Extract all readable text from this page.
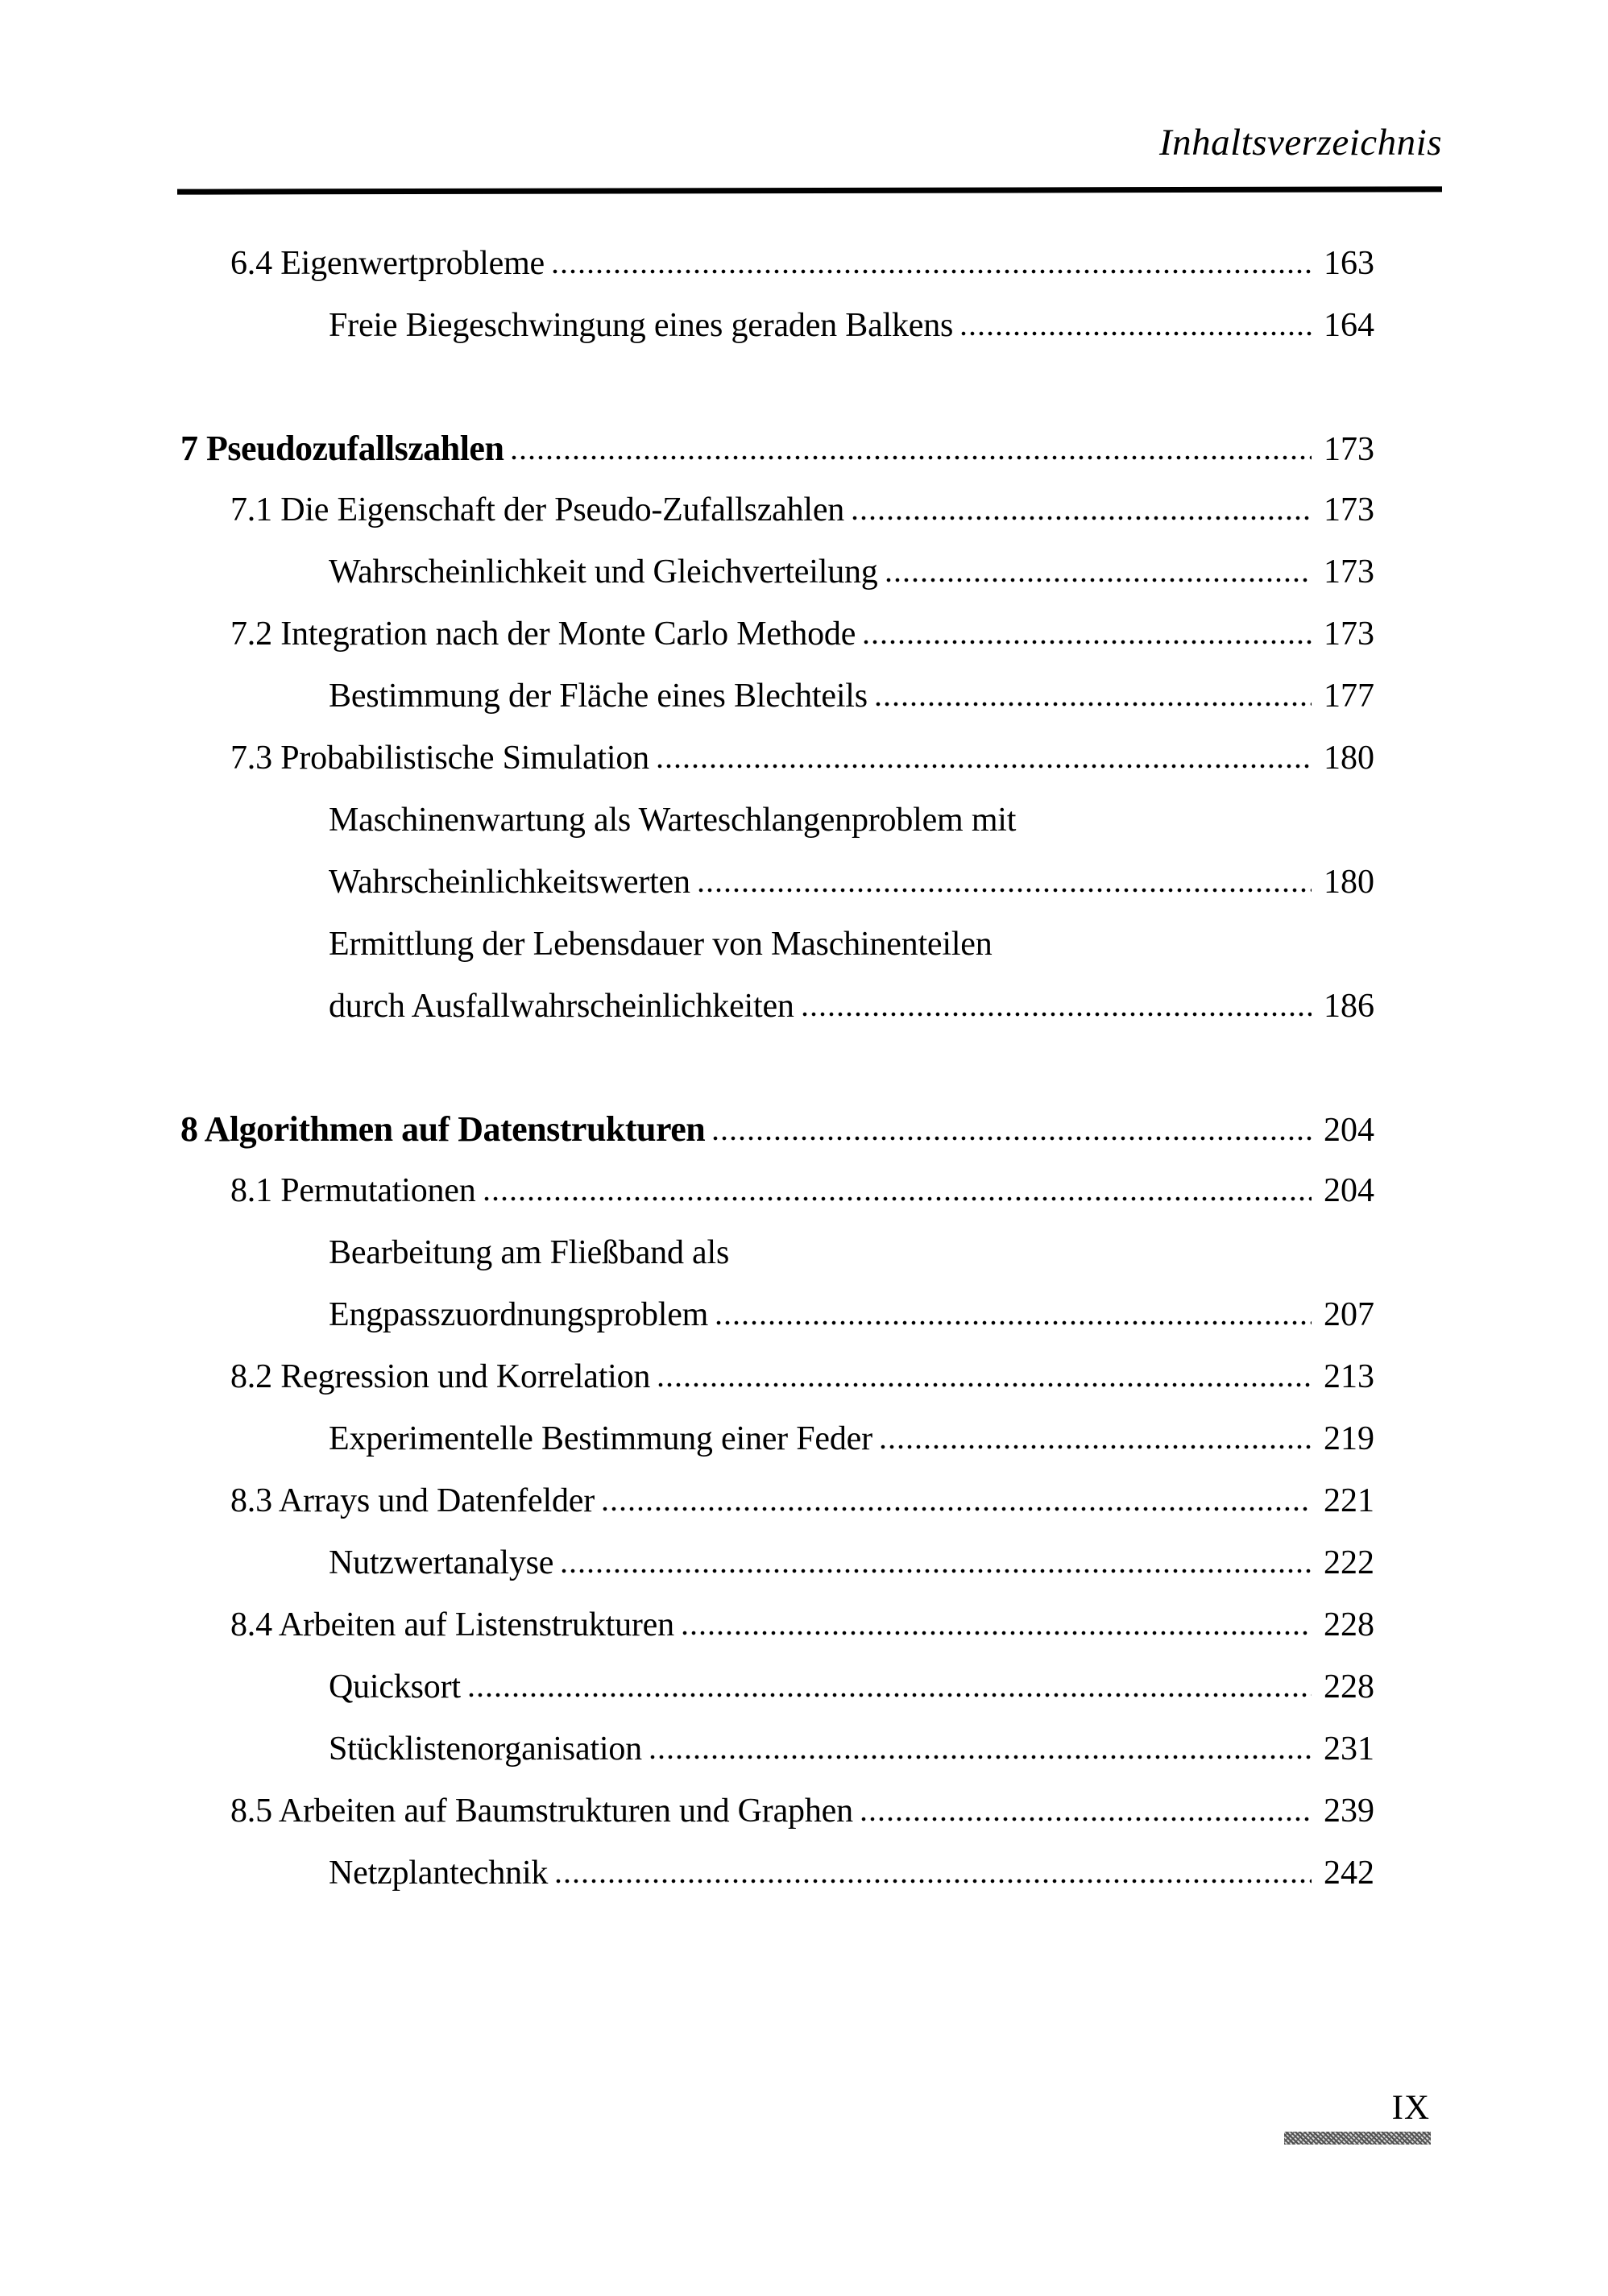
Inhaltsverzeichnis
6.4 Eigenwertprobleme	163
Freie Biegeschwingung eines geraden Balkens	164
7 Pseudozufallszahlen	173
7.1 Die Eigenschaft der Pseudo-Zufallszahlen	173
Wahrscheinlichkeit und Gleichverteilung	173
7.2 Integration nach der Monte Carlo Methode	173
Bestimmung der Fläche eines Blechteils	177
7.3 Probabilistische Simulation	180
Maschinenwartung als Warteschlangenproblem mit
Wahrscheinlichkeitswerten	180
Ermittlung der Lebensdauer von Maschinenteilen
durch Ausfallwahrscheinlichkeiten	186
8 Algorithmen auf Datenstrukturen	204
8.1 Permutationen	204
Bearbeitung am Fließband als
Engpasszuordnungsproblem	207
8.2 Regression und Korrelation	213
Experimentelle Bestimmung einer Feder	219
8.3 Arrays und Datenfelder	221
Nutzwertanalyse	222
8.4 Arbeiten auf Listenstrukturen	228
Quicksort	228
Stücklistenorganisation	231
8.5 Arbeiten auf Baumstrukturen und Graphen	239
Netzplantechnik	242
IX
